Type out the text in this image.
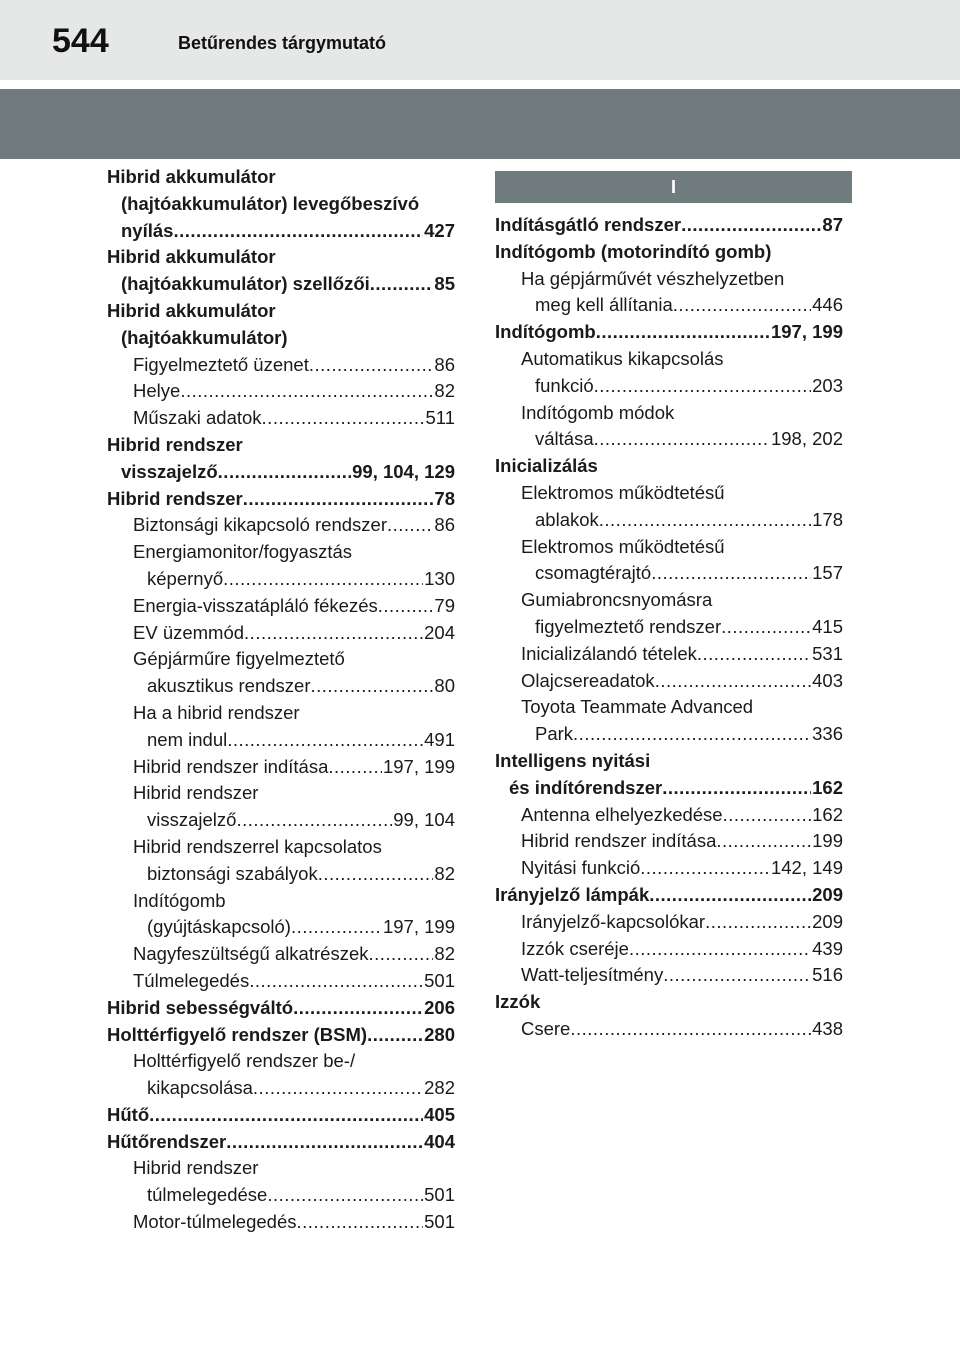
544	Betűrendes tárgymutató
Hibrid akkumulátor
(hajtóakkumulátor) levegőbeszívó
nyílás .....	427
Hibrid akkumulátor
(hajtóakkumulátor) szellőzői .....	85
Hibrid akkumulátor
(hajtóakkumulátor)
Figyelmeztető üzenet .....	86
Helye .....	82
Műszaki adatok .....	511
Hibrid rendszer
visszajelző .....	99, 104, 129
Hibrid rendszer .....	78
Biztonsági kikapcsoló rendszer .....	86
Energiamonitor/fogyasztás
képernyő .....	130
Energia-visszatápláló fékezés .....	79
EV üzemmód .....	204
Gépjárműre figyelmeztető
akusztikus rendszer .....	80
Ha a hibrid rendszer
nem indul .....	491
Hibrid rendszer indítása .....	197, 199
Hibrid rendszer
visszajelző .....	99, 104
Hibrid rendszerrel kapcsolatos
biztonsági szabályok .....	82
Indítógomb
(gyújtáskapcsoló) .....	197, 199
Nagyfeszültségű alkatrészek .....	82
Túlmelegedés .....	501
Hibrid sebességváltó .....	206
Holttérfigyelő rendszer (BSM) .....	280
Holttérfigyelő rendszer be-/
kikapcsolása .....	282
Hűtő .....	405
Hűtőrendszer .....	404
Hibrid rendszer
túlmelegedése .....	501
Motor-túlmelegedés .....	501
I
Indításgátló rendszer .....	87
Indítógomb (motorindító gomb)
Ha gépjárművét vészhelyzetben
meg kell állítania .....	446
Indítógomb .....	197, 199
Automatikus kikapcsolás
funkció .....	203
Indítógomb módok
váltása .....	198, 202
Inicializálás
Elektromos működtetésű
ablakok .....	178
Elektromos működtetésű
csomagtérajtó .....	157
Gumiabroncsnyomásra
figyelmeztető rendszer .....	415
Inicializálandó tételek .....	531
Olajcsereadatok .....	403
Toyota Teammate Advanced
Park .....	336
Intelligens nyitási
és indítórendszer .....	162
Antenna elhelyezkedése .....	162
Hibrid rendszer indítása .....	199
Nyitási funkció .....	142, 149
Irányjelző lámpák .....	209
Irányjelző-kapcsolókar .....	209
Izzók cseréje .....	439
Watt-teljesítmény .....	516
Izzók
Csere .....	438
